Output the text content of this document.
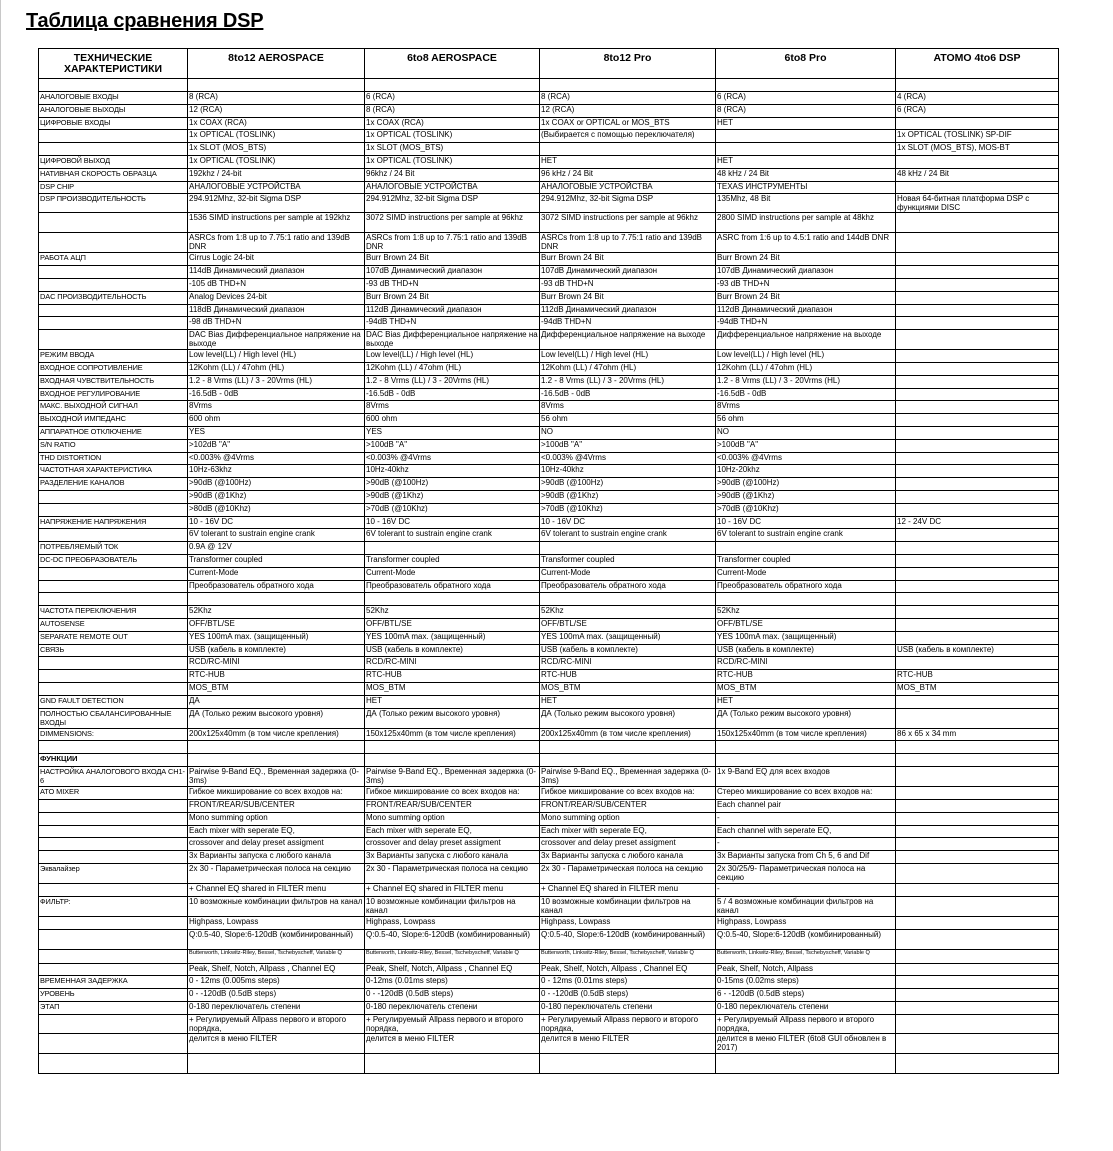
Таблица сравнения DSP
ТЕХНИЧЕСКИЕ ХАРАКТЕРИСТИКИ	8to12 AEROSPACE	6to8 AEROSPACE	8to12 Pro	6to8 Pro	ATOMO 4to6 DSP

АНАЛОГОВЫЕ ВХОДЫ	8 (RCA)	6 (RCA)	8 (RCA)	6 (RCA)	4 (RCA)
АНАЛОГОВЫЕ ВЫХОДЫ	12 (RCA)	8 (RCA)	12 (RCA)	8 (RCA)	6 (RCA)
ЦИФРОВЫЕ ВХОДЫ	1x COAX (RCA)	1x COAX (RCA)	1x COAX or OPTICAL or MOS_BTS	НЕТ	
	1x OPTICAL (TOSLINK)	1x OPTICAL (TOSLINK)	(Выбирается с помощью переключателя)		1x OPTICAL (TOSLINK) SP-DIF
	1x SLOT (MOS_BTS)	1x SLOT (MOS_BTS)			1x SLOT (MOS_BTS), MOS-BT
ЦИФРОВОЙ ВЫХОД	1x OPTICAL (TOSLINK)	1x OPTICAL (TOSLINK)	НЕТ	НЕТ	
НАТИВНАЯ СКОРОСТЬ ОБРАЗЦА	192khz / 24-bit	96khz / 24 Bit	96 kHz / 24 Bit	48 kHz / 24 Bit	48 kHz / 24 Bit
DSP CHIP	АНАЛОГОВЫЕ УСТРОЙСТВА	АНАЛОГОВЫЕ УСТРОЙСТВА	АНАЛОГОВЫЕ УСТРОЙСТВА	TEXAS ИНСТРУМЕНТЫ	
DSP ПРОИЗВОДИТЕЛЬНОСТЬ	294.912Mhz, 32-bit Sigma DSP	294.912Mhz, 32-bit Sigma DSP	294.912Mhz, 32-bit Sigma DSP	135Mhz, 48 Bit	Новая 64-битная платформа DSP с функциями DISC
	1536 SIMD instructions per sample at 192khz	3072 SIMD instructions per sample at 96khz	3072 SIMD instructions per sample at 96khz	2800 SIMD instructions per sample at 48khz	
	ASRCs from 1:8 up to 7.75:1 ratio and 139dB DNR	ASRCs from 1:8 up to 7.75:1 ratio and 139dB DNR	ASRCs from 1:8 up to 7.75:1 ratio and 139dB DNR	ASRC from 1:6 up to 4.5:1 ratio and 144dB DNR	
РАБОТА АЦП	Cirrus Logic 24-bit	Burr Brown 24 Bit	Burr Brown 24 Bit	Burr Brown 24 Bit	
	114dB Динамический диапазон	107dB Динамический диапазон	107dB Динамический диапазон	107dB Динамический диапазон	
	-105 dB THD+N	-93 dB THD+N	-93 dB THD+N	-93 dB THD+N	
DAC ПРОИЗВОДИТЕЛЬНОСТЬ	Analog Devices 24-bit	Burr Brown 24 Bit	Burr Brown 24 Bit	Burr Brown 24 Bit	
	118dB Динамический диапазон	112dB Динамический диапазон	112dB Динамический диапазон	112dB Динамический диапазон	
	-98 dB THD+N	-94dB THD+N	-94dB THD+N	-94dB THD+N	
	DAC Bias Дифференциальное напряжение на выходе	DAC Bias Дифференциальное напряжение на выходе	Дифференциальное напряжение на выходе	Дифференциальное напряжение на выходе	
РЕЖИМ ВВОДА	Low level(LL) / High level (HL)	Low level(LL) / High level (HL)	Low level(LL) / High level (HL)	Low level(LL) / High level (HL)	
ВХОДНОЕ СОПРОТИВЛЕНИЕ	12Kohm (LL) / 47ohm (HL)	12Kohm (LL) / 47ohm (HL)	12Kohm (LL) / 47ohm (HL)	12Kohm (LL) / 47ohm (HL)	
ВХОДНАЯ ЧУВСТВИТЕЛЬНОСТЬ	1.2 - 8 Vrms (LL) / 3 - 20Vrms (HL)	1.2 - 8 Vrms (LL) / 3 - 20Vrms (HL)	1.2 - 8 Vrms (LL) / 3 - 20Vrms (HL)	1.2 - 8 Vrms (LL) / 3 - 20Vrms (HL)	
ВХОДНОЕ РЕГУЛИРОВАНИЕ	-16.5dB - 0dB	-16.5dB - 0dB	-16.5dB - 0dB	-16.5dB - 0dB	
МАКС. ВЫХОДНОЙ СИГНАЛ	8Vrms	8Vrms	8Vrms	8Vrms	
ВЫХОДНОЙ ИМПЕДАНС	600 ohm	600 ohm	56 ohm	56 ohm	
АППАРАТНОЕ ОТКЛЮЧЕНИЕ	YES	YES	NO	NO	
S/N RATIO	>102dB "A"	>100dB "A"	>100dB "A"	>100dB "A"	
THD DISTORTION	<0.003% @4Vrms	<0.003% @4Vrms	<0.003% @4Vrms	<0.003% @4Vrms	
ЧАСТОТНАЯ ХАРАКТЕРИСТИКА	10Hz-63khz	10Hz-40khz	10Hz-40khz	10Hz-20khz	
РАЗДЕЛЕНИЕ КАНАЛОВ	>90dB (@100Hz)	>90dB (@100Hz)	>90dB (@100Hz)	>90dB (@100Hz)	
	>90dB (@1Khz)	>90dB (@1Khz)	>90dB (@1Khz)	>90dB (@1Khz)	
	>80dB (@10Khz)	>70dB (@10Khz)	>70dB (@10Khz)	>70dB (@10Khz)	
НАПРЯЖЕНИЕ НАПРЯЖЕНИЯ	10 - 16V DC	10 - 16V DC	10 - 16V DC	10 - 16V DC	12 - 24V DC
	6V tolerant to sustrain engine crank	6V tolerant to sustrain engine crank	6V tolerant to sustrain engine crank	6V tolerant to sustrain engine crank	
ПОТРЕБЛЯЕМЫЙ ТОК	0.9A @ 12V				
DC-DC ПРЕОБРАЗОВАТЕЛЬ	Transformer coupled	Transformer coupled	Transformer coupled	Transformer coupled	
	Current-Mode	Current-Mode	Current-Mode	Current-Mode	
	Преобразователь обратного хода	Преобразователь обратного хода	Преобразователь обратного хода	Преобразователь обратного хода	

ЧАСТОТА ПЕРЕКЛЮЧЕНИЯ	52Khz	52Khz	52Khz	52Khz	
AUTOSENSE	OFF/BTL/SE	OFF/BTL/SE	OFF/BTL/SE	OFF/BTL/SE	
SEPARATE REMOTE OUT	YES 100mA max. (защищенный)	YES 100mA max. (защищенный)	YES 100mA max. (защищенный)	YES 100mA max. (защищенный)	
СВЯЗЬ	USB (кабель в комплекте)	USB (кабель в комплекте)	USB (кабель в комплекте)	USB (кабель в комплекте)	USB (кабель в комплекте)
	RCD/RC-MINI	RCD/RC-MINI	RCD/RC-MINI	RCD/RC-MINI	
	RTC-HUB	RTC-HUB	RTC-HUB	RTC-HUB	RTC-HUB
	MOS_BTM	MOS_BTM	MOS_BTM	MOS_BTM	MOS_BTM
GND FAULT DETECTION	ДА	НЕТ	НЕТ	НЕТ	
ПОЛНОСТЬЮ СБАЛАНСИРОВАННЫЕ ВХОДЫ	ДА (Только режим высокого уровня)	ДА (Только режим высокого уровня)	ДА (Только режим высокого уровня)	ДА (Только режим высокого уровня)	
DIMMENSIONS:	200x125x40mm (в том числе крепления)	150x125x40mm (в том числе крепления)	200x125x40mm (в том числе крепления)	150x125x40mm (в том числе крепления)	86 x 65 x 34 mm

ФУНКЦИИ					
НАСТРОЙКА АНАЛОГОВОГО ВХОДА CH1-6	Pairwise 9-Band EQ., Временная задержка (0-3ms)	Pairwise 9-Band EQ., Временная задержка (0-3ms)	Pairwise 9-Band EQ., Временная задержка (0-3ms)	1x 9-Band EQ для всех входов	
ATO MIXER	Гибкое микширование со всех входов на:	Гибкое микширование со всех входов на:	Гибкое микширование со всех входов на:	Стерео микширование со всех входов на:	
	FRONT/REAR/SUB/CENTER	FRONT/REAR/SUB/CENTER	FRONT/REAR/SUB/CENTER	Each channel pair	
	Mono summing option	Mono summing option	Mono summing option	-	
	Each mixer with seperate EQ,	Each mixer with seperate EQ,	Each mixer with seperate EQ,	Each channel with seperate EQ,	
	crossover and delay preset assigment	crossover and delay preset assigment	crossover and delay preset assigment	-	
	3x Варианты запуска с любого канала	3x Варианты запуска с любого канала	3x Варианты запуска с любого канала	3x Варианты запуска from Ch 5, 6 and Dif	
Эквалайзер	2x 30 - Параметрическая полоса на секцию	2x 30 - Параметрическая полоса на секцию	2x 30 - Параметрическая полоса на секцию	2x 30/25/9- Параметрическая полоса на секцию	
	+ Channel EQ shared in FILTER menu	+ Channel EQ shared in FILTER menu	+ Channel EQ shared in FILTER menu	-	
ФИЛЬТР:	10 возможные комбинации фильтров на канал	10 возможные комбинации фильтров на канал	10 возможные комбинации фильтров на канал	5 / 4 возможные комбинации фильтров на канал	
	Highpass, Lowpass	Highpass, Lowpass	Highpass, Lowpass	Highpass, Lowpass	
	Q:0.5-40, Slope:6-120dB (комбинированный)	Q:0.5-40, Slope:6-120dB (комбинированный)	Q:0.5-40, Slope:6-120dB (комбинированный)	Q:0.5-40, Slope:6-120dB (комбинированный)	
	Butterworth, Linkwitz-Riley, Bessel, Tschebyscheff, Variable Q	Butterworth, Linkwitz-Riley, Bessel, Tschebyscheff, Variable Q	Butterworth, Linkwitz-Riley, Bessel, Tschebyscheff, Variable Q	Butterworth, Linkwitz-Riley, Bessel, Tschebyscheff, Variable Q	
	Peak, Shelf, Notch, Allpass , Channel EQ	Peak, Shelf, Notch, Allpass , Channel EQ	Peak, Shelf, Notch, Allpass , Channel EQ	Peak, Shelf, Notch, Allpass	
ВРЕМЕННАЯ ЗАДЕРЖКА	0 - 12ms (0.005ms steps)	0-12ms (0.01ms steps)	0 - 12ms (0.01ms steps)	0-15ms (0.02ms steps)	
УРОВЕНЬ	0 - -120dB (0.5dB steps)	0 - -120dB (0.5dB steps)	0 - -120dB (0.5dB steps)	6 - -120dB (0.5dB steps)	
ЭТАП	0-180 переключатель степени	0-180 переключатель степени	0-180 переключатель степени	0-180 переключатель степени	
	+ Регулируемый Allpass первого и второго порядка,	+ Регулируемый Allpass первого и второго порядка,	+ Регулируемый Allpass первого и второго порядка,	+ Регулируемый Allpass первого и второго порядка,	
	делится в меню FILTER	делится в меню FILTER	делится в меню FILTER	делится в меню FILTER (6to8 GUI обновлен в 2017)	
